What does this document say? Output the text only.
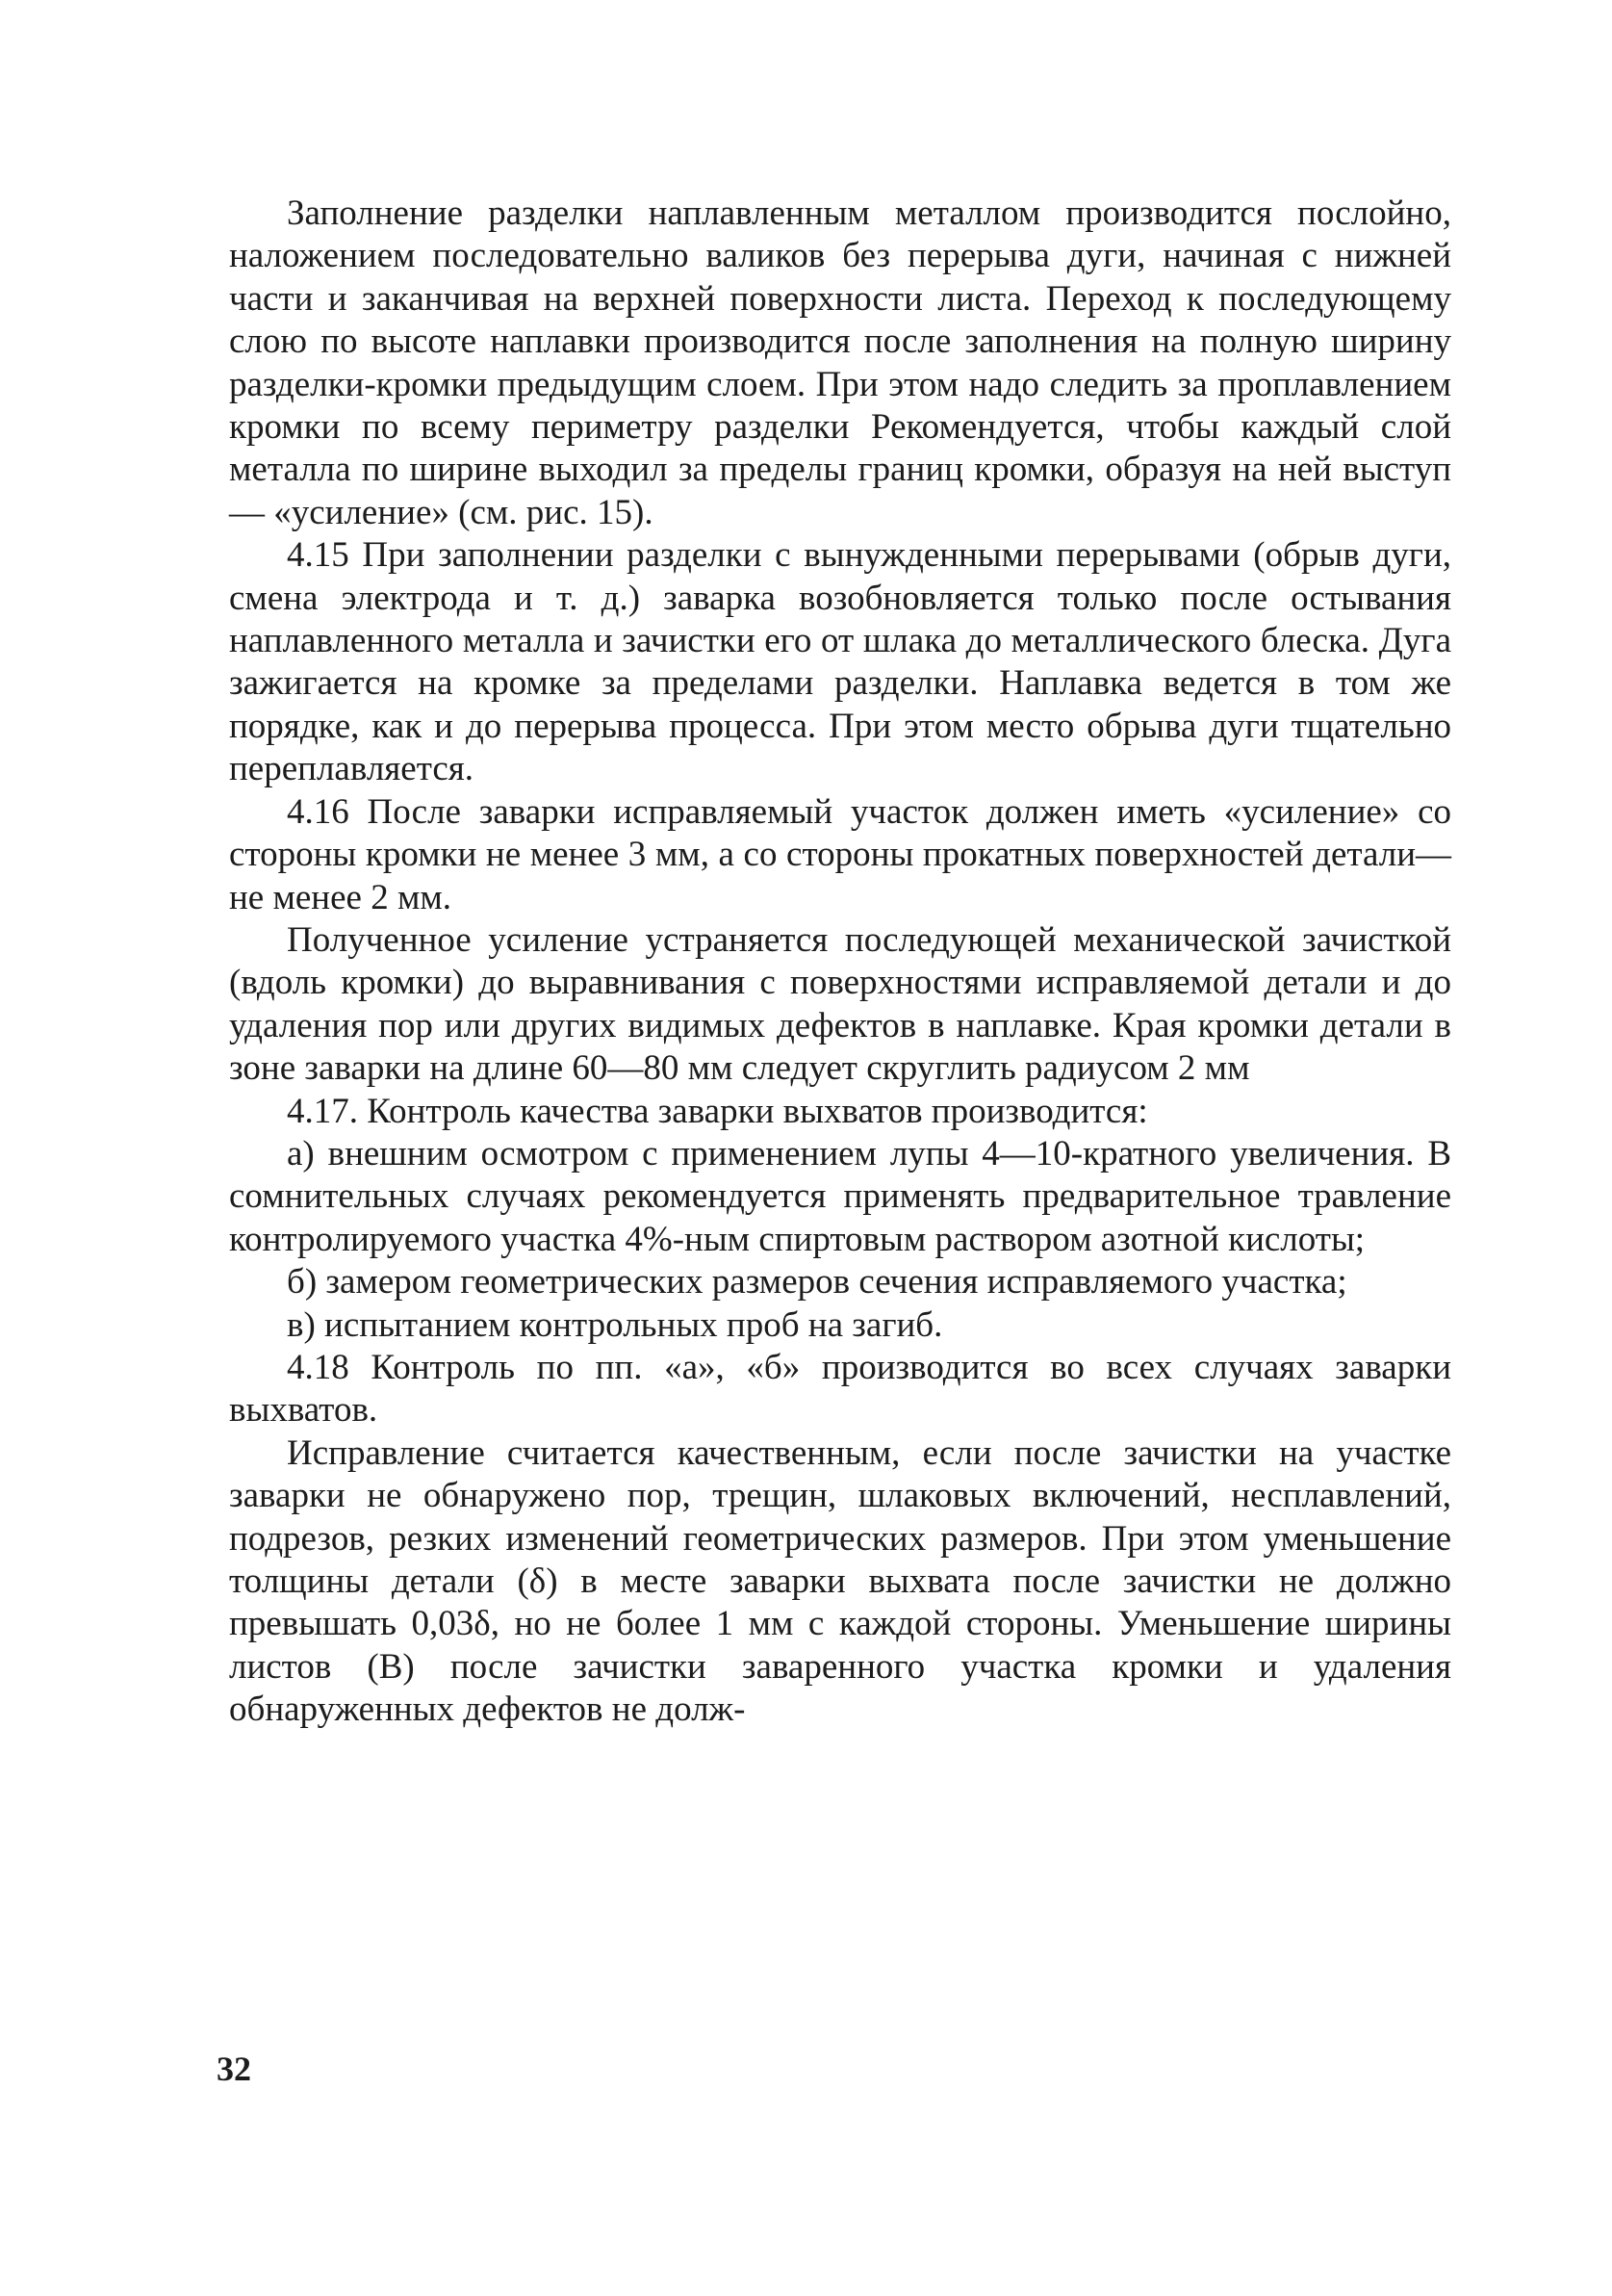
Заполнение разделки наплавленным металлом производится послойно, наложением последовательно валиков без перерыва дуги, начиная с нижней части и заканчивая на верхней поверхности листа. Переход к последующему слою по высоте наплавки производится после заполнения на полную ширину разделки-кромки предыдущим слоем. При этом надо следить за проплавлением кромки по всему периметру разделки Рекомендуется, чтобы каждый слой металла по ширине выходил за пределы границ кромки, образуя на ней выступ— «усиление» (см. рис. 15).

4.15 При заполнении разделки с вынужденными перерывами (обрыв дуги, смена электрода и т. д.) заварка возобновляется только после остывания наплавленного металла и зачистки его от шлака до металлического блеска. Дуга зажигается на кромке за пределами разделки. Наплавка ведется в том же порядке, как и до перерыва процесса. При этом место обрыва дуги тщательно переплавляется.

4.16 После заварки исправляемый участок должен иметь «усиление» со стороны кромки не менее 3 мм, а со стороны прокатных поверхностей детали—не менее 2 мм.

Полученное усиление устраняется последующей механической зачисткой (вдоль кромки) до выравнивания с поверхностями исправляемой детали и до удаления пор или других видимых дефектов в наплавке. Края кромки детали в зоне заварки на длине 60—80 мм следует скруглить радиусом 2 мм

4.17. Контроль качества заварки выхватов производится:

а) внешним осмотром с применением лупы 4—10-кратного увеличения. В сомнительных случаях рекомендуется применять предварительное травление контролируемого участка 4%-ным спиртовым раствором азотной кислоты;

б) замером геометрических размеров сечения исправляемого участка;

в) испытанием контрольных проб на загиб.

4.18 Контроль по пп. «а», «б» производится во всех случаях заварки выхватов.

Исправление считается качественным, если после зачистки на участке заварки не обнаружено пор, трещин, шлаковых включений, несплавлений, подрезов, резких изменений геометрических размеров. При этом уменьшение толщины детали (δ) в месте заварки выхвата после зачистки не должно превышать 0,03δ, но не более 1 мм с каждой стороны. Уменьшение ширины листов (B) после зачистки заваренного участка кромки и удаления обнаруженных дефектов не долж-

32
